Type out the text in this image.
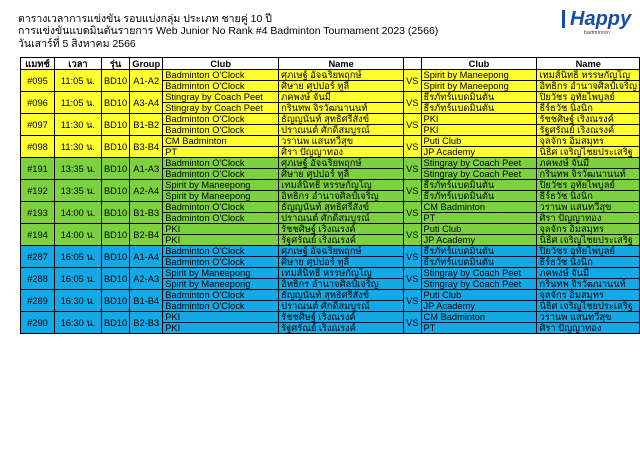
ตารางเวลาการแข่งขัน รอบแบ่งกลุ่ม ประเภท ชายคู่ 10 ปี
การแข่งขันแบดมินตันรายการ Web Junior No Rank #4 Badminton Tournament 2023 (2566)
วันเสาร์ที่ 5 สิงหาคม 2566
Happy
badminton
แมทช์	เวลา	รุ่น	Group	Club	Name		Club	Name
#095	11:05 น.	BD10	A1-A2	Badminton O'Clock	ศุภเษฐ์ อัจฉริยพฤกษ์	VS	Spirit by Maneepong	เทมส์นิทธิ์ หรรษกัญโญ
				Badminton O'Clock	ศิษาย ศุปปอร์ ทูลี		Spirit by Maneepong	อิทธิกร อำนาจศิลป์เจริญ
#096	11:05 น.	BD10	A3-A4	Stingray by Coach Peet	ภคพงษ์ จันมี	VS	ธีรภัทร์แบดมินตัน	ปิยวัชร อุทัยไพบูลย์
				Stingray by Coach Peet	กรินทพ จิรวัฒนานนท์		ธีรภัทร์แบดมินตัน	ธีร์ธวัช นิ่งนิก
#097	11:30 น.	BD10	B1-B2	Badminton O'Clock	ธัญญนันท์ สุทธิศรีสังข์	VS	PKI	รัชชศิษฐ์ เริงณรงค์
				Badminton O'Clock	ปราณนต์ ศักดิ์สมบูรณ์		PKI	รัฐศรัณย์ เริงณรงค์
#098	11:30 น.	BD10	B3-B4	CM Badminton	วรานพ แสนทวีสุข	VS	Puti Club	จุลจักร อิ่มสมุทร
				PT	ศิรา ปัญญาทอง		JP Academy	นิธิศ เจริญไชยประเสริฐ
#191	13:35 น.	BD10	A1-A3	Badminton O'Clock	ศุภเษฐ์ อัจฉริยพฤกษ์	VS	Stingray by Coach Peet	ภคพงษ์ จันมี
				Badminton O'Clock	ศิษาย ศุปปอร์ ทูลี		Stingray by Coach Peet	กรินทพ จิรวัฒนานนท์
#192	13:35 น.	BD10	A2-A4	Spirit by Maneepong	เทมส์นิทธิ์ หรรษกัญโญ	VS	ธีรภัทร์แบดมินตัน	ปิยวัชร อุทัยไพบูลย์
				Spirit by Maneepong	อิทธิกร อำนาจศิลป์เจริญ		ธีรภัทร์แบดมินตัน	ธีร์ธวัช นิ่งนิก
#193	14:00 น.	BD10	B1-B3	Badminton O'Clock	ธัญญนันท์ สุทธิศรีสังข์	VS	CM Badminton	วรานพ แสนทวีสุข
				Badminton O'Clock	ปราณนต์ ศักดิ์สมบูรณ์		PT	ศิรา ปัญญาทอง
#194	14:00 น.	BD10	B2-B4	PKI	รัชชศิษฐ์ เริงณรงค์	VS	Puti Club	จุลจักร อิ่มสมุทร
				PKI	รัฐศรัณย์ เริงณรงค์		JP Academy	นิธิศ เจริญไชยประเสริฐ
#287	16:05 น.	BD10	A1-A4	Badminton O'Clock	ศุภเษฐ์ อัจฉริยพฤกษ์	VS	ธีรภัทร์แบดมินตัน	ปิยวัชร อุทัยไพบูลย์
				Badminton O'Clock	ศิษาย ศุปปอร์ ทูลี		ธีรภัทร์แบดมินตัน	ธีร์ธวัช นิ่งนิก
#288	16:05 น.	BD10	A2-A3	Spirit by Maneepong	เทมส์นิทธิ์ หรรษกัญโญ	VS	Stingray by Coach Peet	ภคพงษ์ จันมี
				Spirit by Maneepong	อิทธิกร อำนาจศิลป์เจริญ		Stingray by Coach Peet	กรินทพ จิรวัฒนานนท์
#289	16:30 น.	BD10	B1-B4	Badminton O'Clock	ธัญญนันท์ สุทธิศรีสังข์	VS	Puti Club	จุลจักร อิ่มสมุทร
				Badminton O'Clock	ปราณนต์ ศักดิ์สมบูรณ์		JP Academy	นิธิศ เจริญไชยประเสริฐ
#290	16:30 น.	BD10	B2-B3	PKI	รัชชศิษฐ์ เริงณรงค์	VS	CM Badminton	วรานพ แสนทวีสุข
				PKI	รัฐศรัณย์ เริงณรงค์		PT	ศิรา ปัญญาทอง
